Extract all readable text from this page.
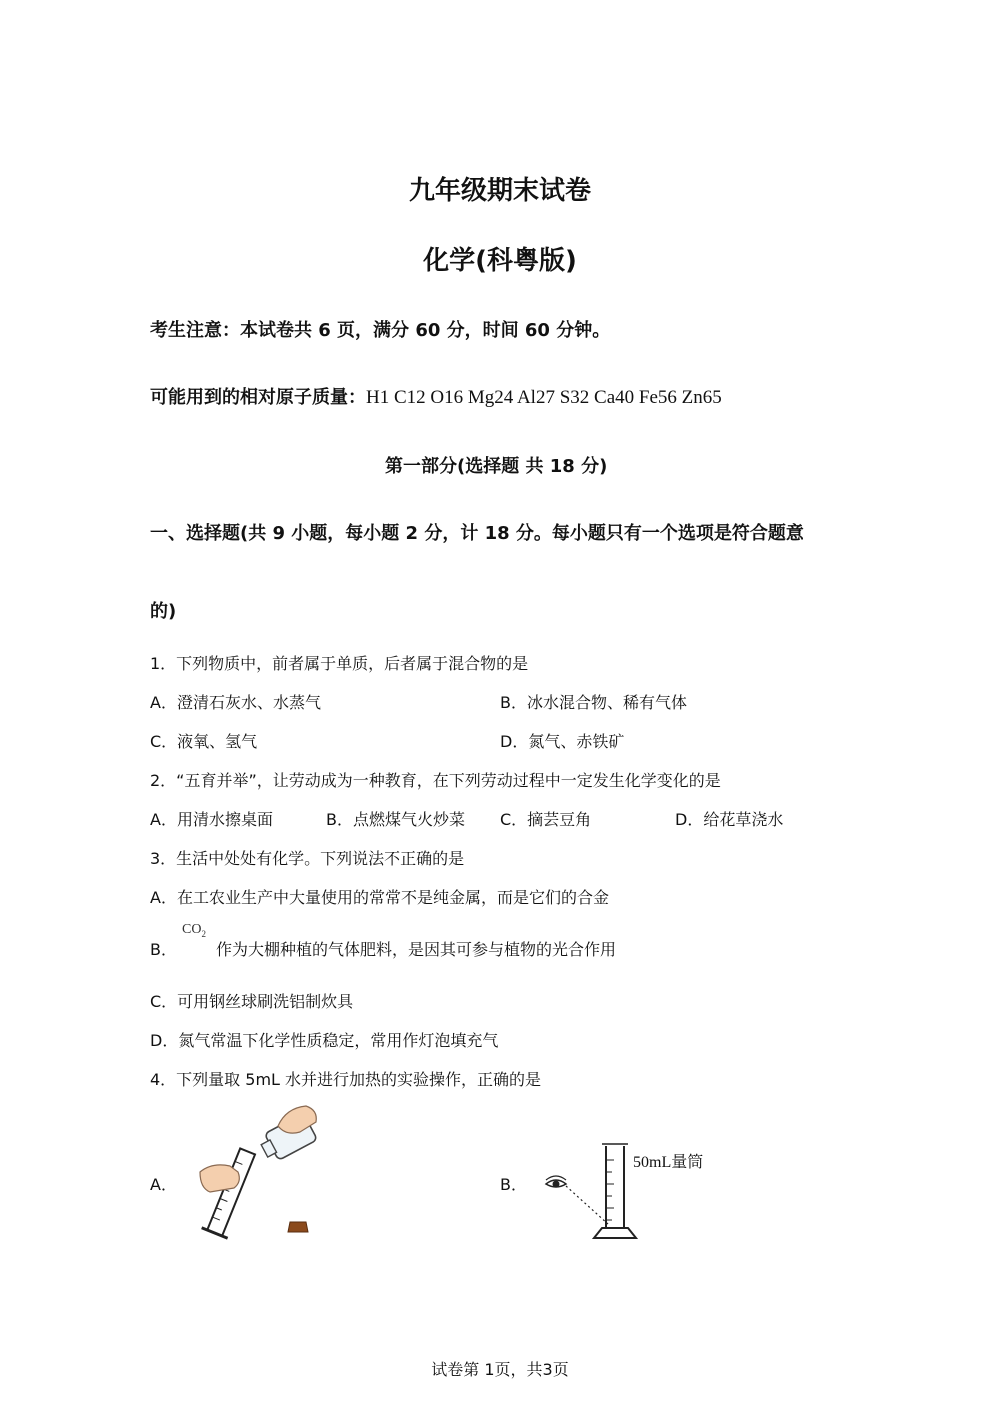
九年级期末试卷
化学(科粤版)
考生注意：本试卷共 6 页，满分 60 分，时间 60 分钟。
可能用到的相对原子质量：H1 C12 O16 Mg24 Al27 S32 Ca40 Fe56 Zn65
第一部分(选择题 共 18 分)
一、选择题(共 9 小题，每小题 2 分，计 18 分。每小题只有一个选项是符合题意
的)
1．下列物质中，前者属于单质，后者属于混合物的是
A．澄清石灰水、水蒸气	B．冰水混合物、稀有气体
C．液氧、氢气	D．氮气、赤铁矿
2．“五育并举”，让劳动成为一种教育，在下列劳动过程中一定发生化学变化的是
A．用清水擦桌面	B．点燃煤气火炒菜 C．摘芸豆角	D．给花草浇水
3．生活中处处有化学。下列说法不正确的是
A．在工农业生产中大量使用的常常不是纯金属，而是它们的合金
B．
$CO_2$
作为大棚种植的气体肥料，是因其可参与植物的光合作用
C．可用钢丝球刷洗铝制炊具
D．氮气常温下化学性质稳定，常用作灯泡填充气
4．下列量取 5mL 水并进行加热的实验操作，正确的是
A．	B．
50mL量筒
试卷第 1页，共3页
